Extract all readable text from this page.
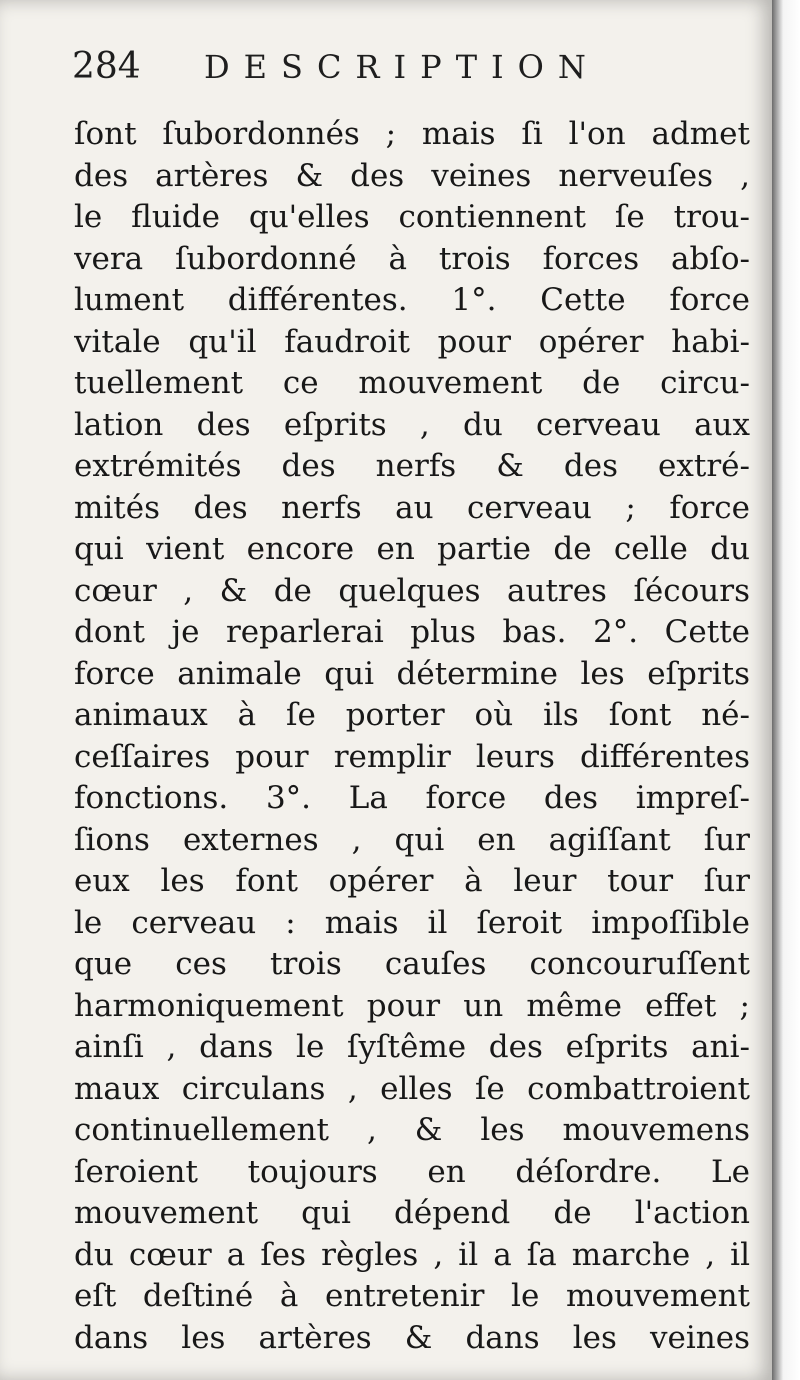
284 DESCRIPTION
ſont ſubordonnés ; mais ſi l'on admet
des artères & des veines nerveuſes ,
le fluide qu'elles contiennent ſe trou-
vera ſubordonné à trois forces abſo-
lument différentes. 1°. Cette force
vitale qu'il faudroit pour opérer habi-
tuellement ce mouvement de circu-
lation des eſprits , du cerveau aux
extrémités des nerfs & des extré-
mités des nerfs au cerveau ; force
qui vient encore en partie de celle du
cœur , & de quelques autres ſécours
dont je reparlerai plus bas. 2°. Cette
force animale qui détermine les eſprits
animaux à ſe porter où ils ſont né-
ceſſaires pour remplir leurs différentes
fonctions. 3°. La force des impreſ-
ſions externes , qui en agiſſant ſur
eux les font opérer à leur tour ſur
le cerveau : mais il ſeroit impoſſible
que ces trois cauſes concouruſſent
harmoniquement pour un même effet ;
ainſi , dans le ſyſtême des eſprits ani-
maux circulans , elles ſe combattroient
continuellement , & les mouvemens
ſeroient toujours en déſordre. Le
mouvement qui dépend de l'action
du cœur a ſes règles , il a ſa marche , il
eſt deſtiné à entretenir le mouvement
dans les artères & dans les veines
